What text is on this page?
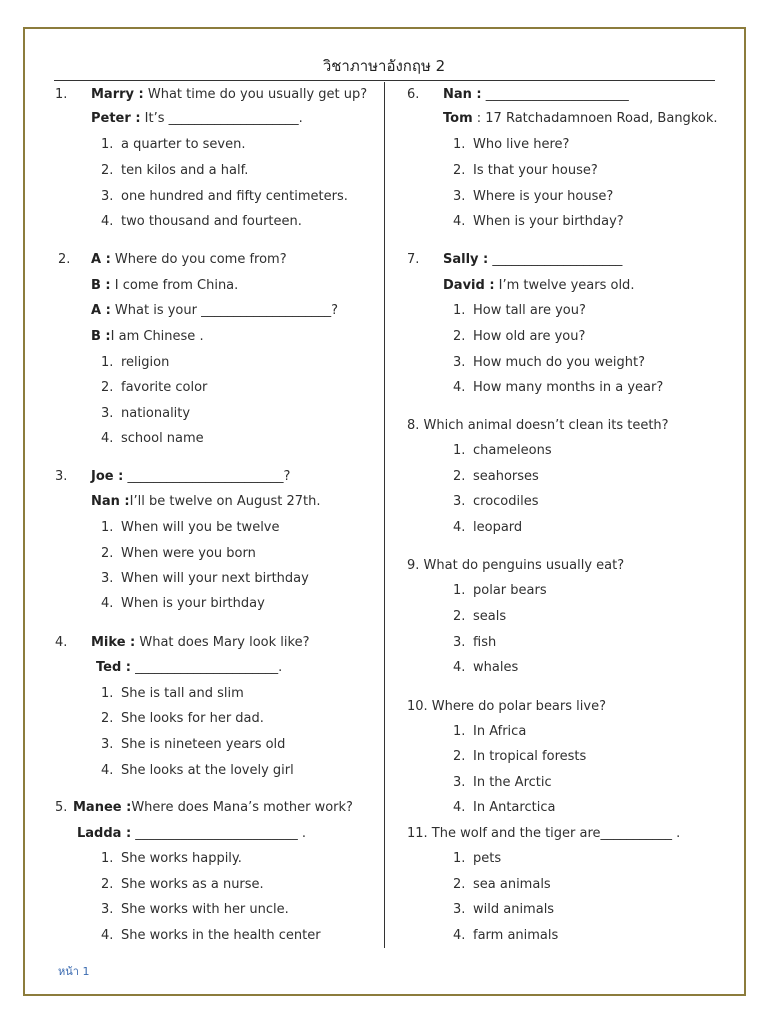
วิชาภาษาอังกฤษ 2
1. Marry : What time do you usually get up?
Peter : It’s ____________________.
1. a quarter to seven.
2. ten kilos and a half.
3. one hundred and fifty centimeters.
4. two thousand and fourteen.
2. A : Where do you come from?
B : I come from China.
A : What is your ____________________?
B :I am Chinese .
1. religion
2. favorite color
3. nationality
4. school name
3. Joe : ________________________?
Nan :I’ll be twelve on August 27th.
1. When will you be twelve
2. When were you born
3. When will your next birthday
4. When is your birthday
4. Mike : What does Mary look like?
Ted : ______________________.
1. She is tall and slim
2. She looks for her dad.
3. She is nineteen years old
4. She looks at the lovely girl
5. Manee :Where does Mana’s mother work?
Ladda : _________________________ .
1. She works happily.
2. She works as a nurse.
3. She works with her uncle.
4. She works in the health center
6. Nan : ______________________
Tom : 17 Ratchadamnoen Road, Bangkok.
1. Who live here?
2. Is that your house?
3. Where is your house?
4. When is your birthday?
7. Sally : ____________________
David : I’m twelve years old.
1. How tall are you?
2. How old are you?
3. How much do you weight?
4. How many months in a year?
8. Which animal doesn’t clean its teeth?
1. chameleons
2. seahorses
3. crocodiles
4. leopard
9. What do penguins usually eat?
1. polar bears
2. seals
3. fish
4. whales
10. Where do polar bears live?
1. In Africa
2. In tropical forests
3. In the Arctic
4. In Antarctica
11. The wolf and the tiger are___________ .
1. pets
2. sea animals
3. wild animals
4. farm animals
หน้า 1
